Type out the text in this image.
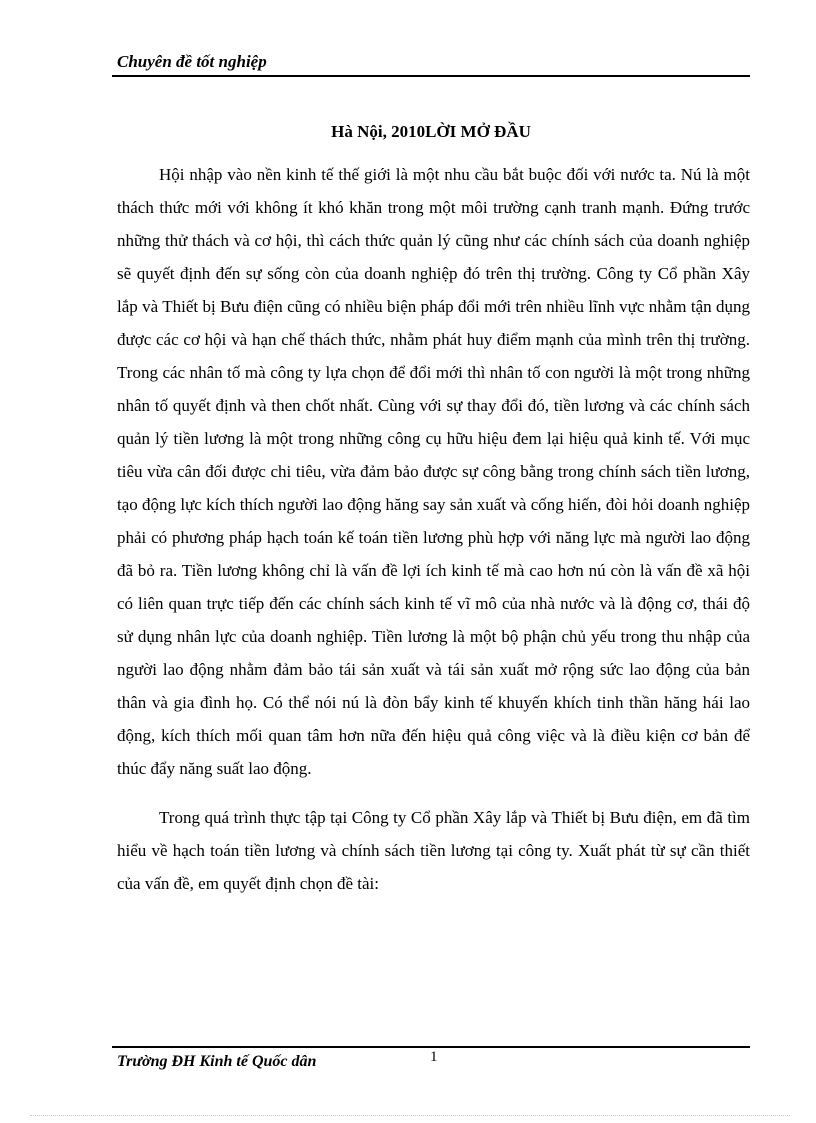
Chuyên đề tốt nghiệp
Hà Nội, 2010LỜI MỞ ĐẦU

Hội nhập vào nền kinh tế thế giới là một nhu cầu bắt buộc đối với nước ta. Nú là một thách thức mới với không ít khó khăn trong một môi trường cạnh tranh mạnh. Đứng trước những thử thách và cơ hội, thì cách thức quản lý cũng như các chính sách của doanh nghiệp sẽ quyết định đến sự sống còn của doanh nghiệp đó trên thị trường. Công ty Cổ phần Xây lắp và Thiết bị Bưu điện cũng có nhiều biện pháp đổi mới trên nhiều lĩnh vực nhằm tận dụng được các cơ hội và hạn chế thách thức, nhằm phát huy điểm mạnh của mình trên thị trường. Trong các nhân tố mà công ty lựa chọn để đổi mới thì nhân tố con người là một trong những nhân tố quyết định và then chốt nhất. Cùng với sự thay đổi đó, tiền lương và các chính sách quản lý tiền lương là một trong những công cụ hữu hiệu đem lại hiệu quả kinh tế. Với mục tiêu vừa cân đối được chi tiêu, vừa đảm bảo được sự công bằng trong chính sách tiền lương, tạo động lực kích thích người lao động hăng say sản xuất và cống hiến, đòi hỏi doanh nghiệp phải có phương pháp hạch toán kế toán tiền lương phù hợp với năng lực mà người lao động đã bỏ ra. Tiền lương không chỉ là vấn đề lợi ích kinh tế mà cao hơn nú còn là vấn đề xã hội có liên quan trực tiếp đến các chính sách kinh tế vĩ mô của nhà nước và là động cơ, thái độ sử dụng nhân lực của doanh nghiệp. Tiền lương là một bộ phận chủ yếu trong thu nhập của người lao động nhằm đảm bảo tái sản xuất và tái sản xuất mở rộng sức lao động của bản thân và gia đình họ. Có thể nói nú là đòn bẩy kinh tế khuyến khích tinh thần hăng hái lao động, kích thích mối quan tâm hơn nữa đến hiệu quả công việc và là điều kiện cơ bản để thúc đẩy năng suất lao động.

Trong quá trình thực tập tại Công ty Cổ phần Xây lắp và Thiết bị Bưu điện, em đã tìm hiểu về hạch toán tiền lương và chính sách tiền lương tại công ty. Xuất phát từ sự cần thiết của vấn đề, em quyết định chọn đề tài:

Trường ĐH Kinh tế Quốc dân	1
